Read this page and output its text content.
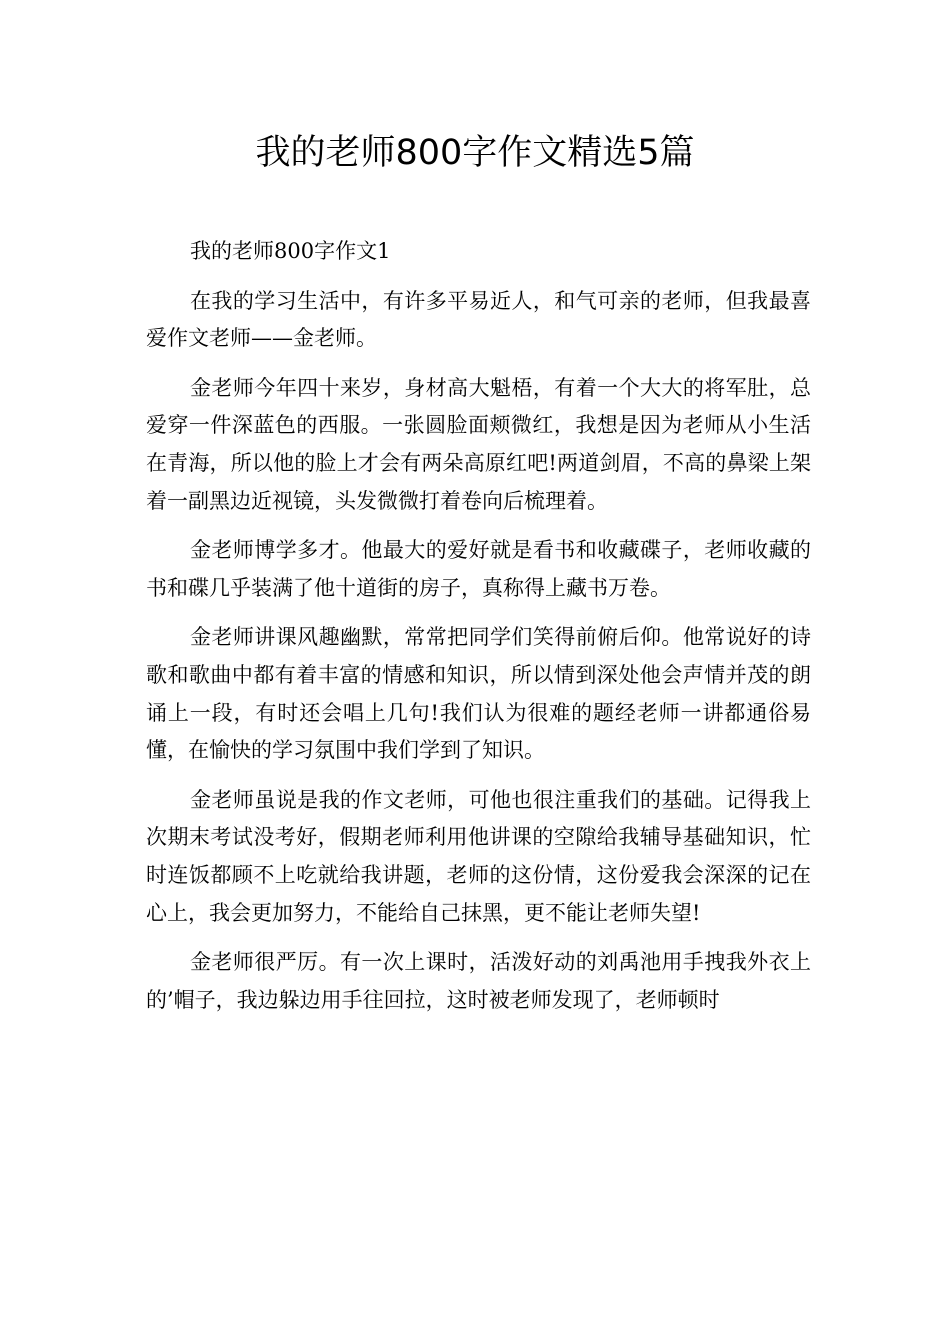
我的老师800字作文精选5篇

我的老师800字作文1

在我的学习生活中，有许多平易近人，和气可亲的老师，但我最喜爱作文老师——金老师。

金老师今年四十来岁，身材高大魁梧，有着一个大大的将军肚，总爱穿一件深蓝色的西服。一张圆脸面颊微红，我想是因为老师从小生活在青海，所以他的脸上才会有两朵高原红吧!两道剑眉，不高的鼻梁上架着一副黑边近视镜，头发微微打着卷向后梳理着。

金老师博学多才。他最大的爱好就是看书和收藏碟子，老师收藏的书和碟几乎装满了他十道街的房子，真称得上藏书万卷。

金老师讲课风趣幽默，常常把同学们笑得前俯后仰。他常说好的诗歌和歌曲中都有着丰富的情感和知识，所以情到深处他会声情并茂的朗诵上一段，有时还会唱上几句!我们认为很难的题经老师一讲都通俗易懂，在愉快的学习氛围中我们学到了知识。

金老师虽说是我的作文老师，可他也很注重我们的基础。记得我上次期末考试没考好，假期老师利用他讲课的空隙给我辅导基础知识，忙时连饭都顾不上吃就给我讲题，老师的这份情，这份爱我会深深的记在心上，我会更加努力，不能给自己抹黑，更不能让老师失望!

金老师很严厉。有一次上课时，活泼好动的刘禹池用手拽我外衣上的’帽子，我边躲边用手往回拉，这时被老师发现了，老师顿时
